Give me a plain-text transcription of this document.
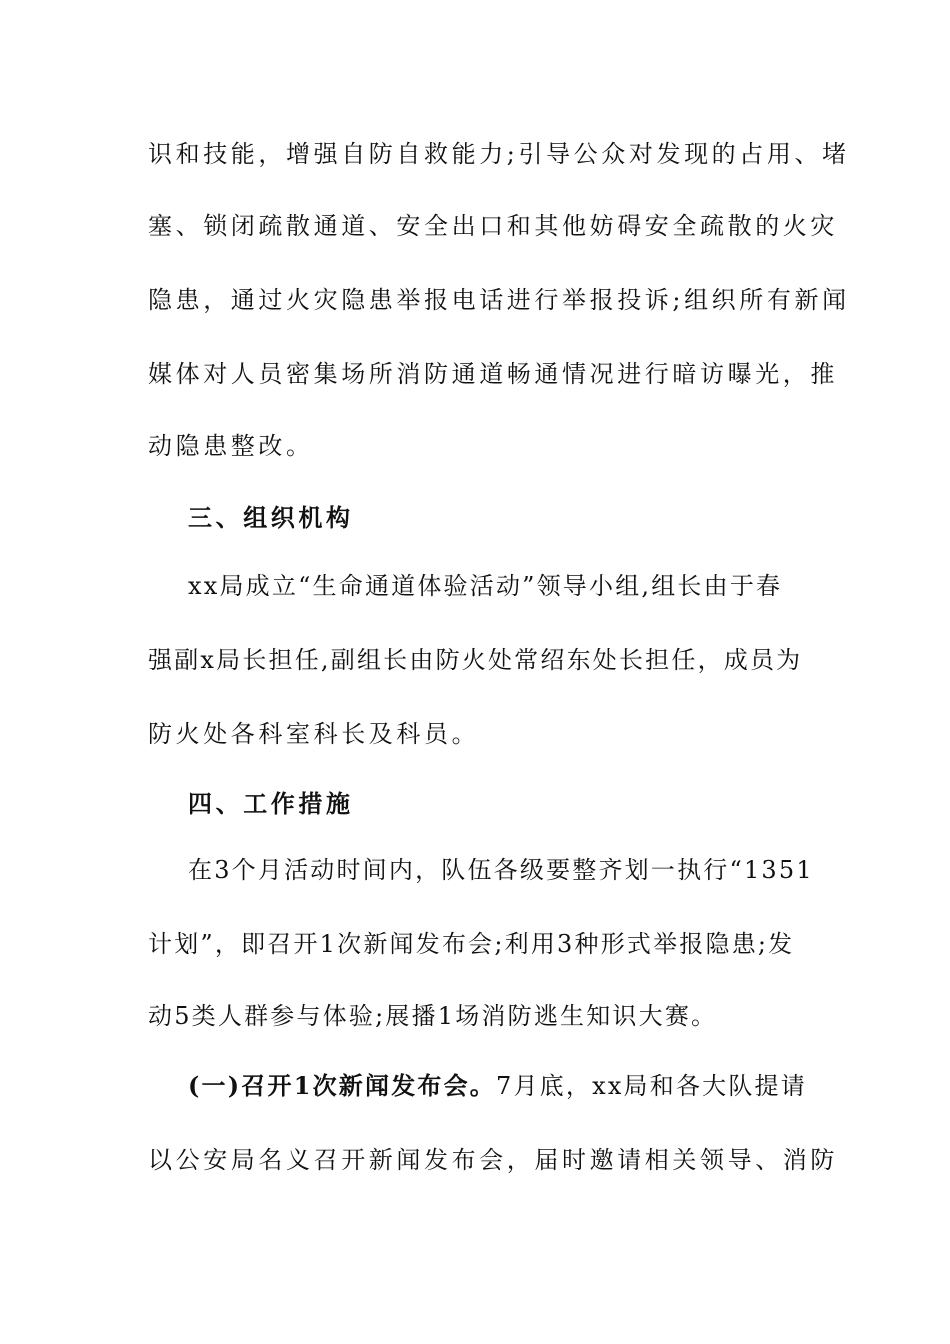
识和技能，增强自防自救能力;引导公众对发现的占用、堵
塞、锁闭疏散通道、安全出口和其他妨碍安全疏散的火灾
隐患，通过火灾隐患举报电话进行举报投诉;组织所有新闻
媒体对人员密集场所消防通道畅通情况进行暗访曝光，推
动隐患整改。
三、组织机构
xx局成立“生命通道体验活动”领导小组,组长由于春
强副x局长担任,副组长由防火处常绍东处长担任，成员为
防火处各科室科长及科员。
四、工作措施
在3个月活动时间内，队伍各级要整齐划一执行“1351
计划”，即召开1次新闻发布会;利用3种形式举报隐患;发
动5类人群参与体验;展播1场消防逃生知识大赛。
(一)召开1次新闻发布会。7月底，xx局和各大队提请
以公安局名义召开新闻发布会，届时邀请相关领导、消防
